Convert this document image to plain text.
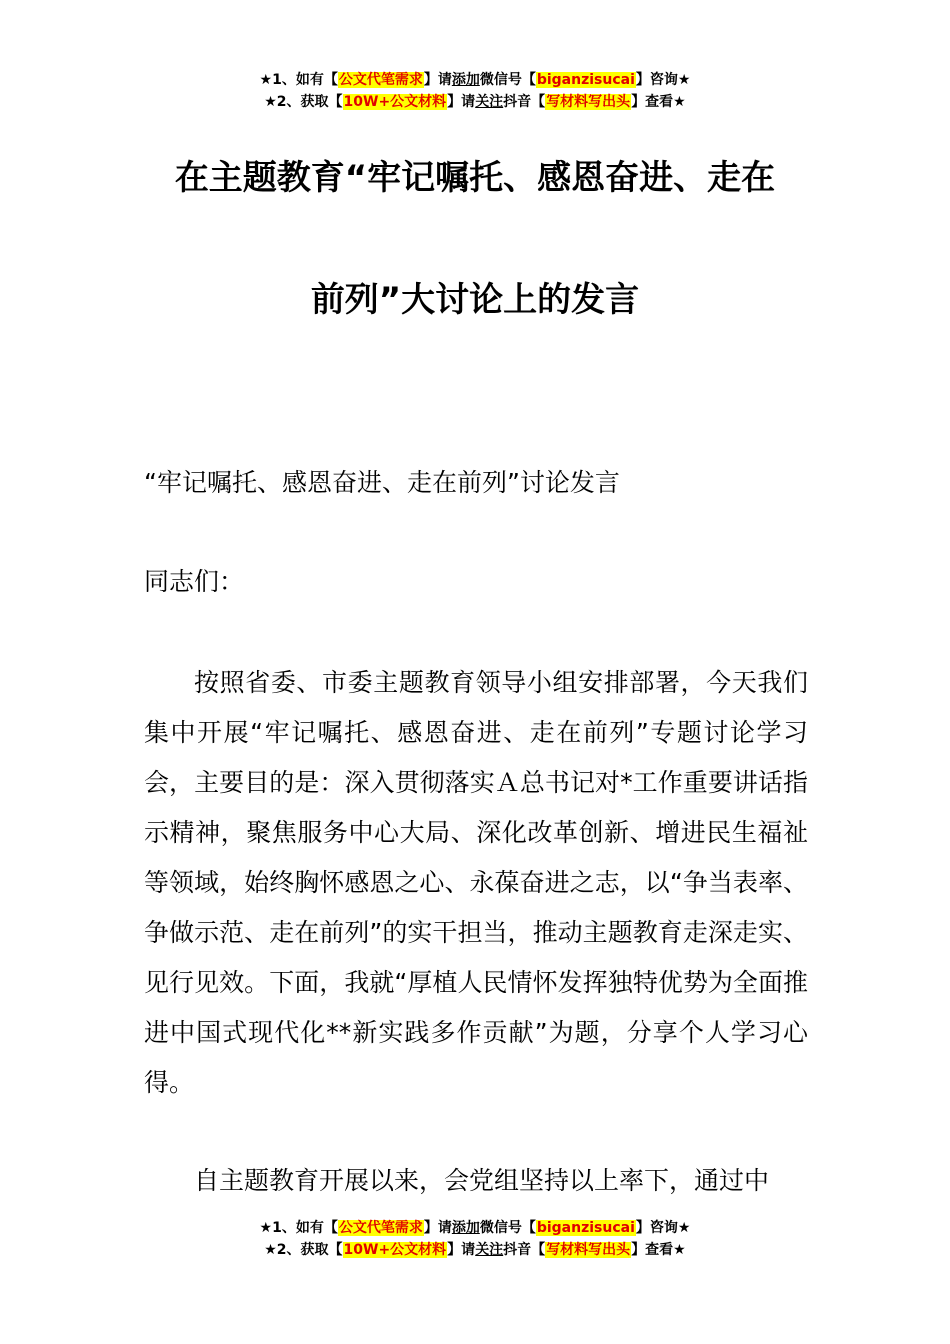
★1、如有【公文代笔需求】请添加微信号【biganzisucai】咨询★
★2、获取【10W+公文材料】请关注抖音【写材料写出头】查看★
在主题教育“牢记嘱托、感恩奋进、走在
前列”大讨论上的发言

“牢记嘱托、感恩奋进、走在前列”讨论发言

同志们：

按照省委、市委主题教育领导小组安排部署，今天我们集中开展“牢记嘱托、感恩奋进、走在前列”专题讨论学习会，主要目的是：深入贯彻落实Ａ总书记对*工作重要讲话指示精神，聚焦服务中心大局、深化改革创新、增进民生福祉等领域，始终胸怀感恩之心、永葆奋进之志，以“争当表率、争做示范、走在前列”的实干担当，推动主题教育走深走实、见行见效。下面，我就“厚植人民情怀发挥独特优势为全面推进中国式现代化**新实践多作贡献”为题，分享个人学习心得。

自主题教育开展以来，会党组坚持以上率下，通过中

★1、如有【公文代笔需求】请添加微信号【biganzisucai】咨询★
★2、获取【10W+公文材料】请关注抖音【写材料写出头】查看★
